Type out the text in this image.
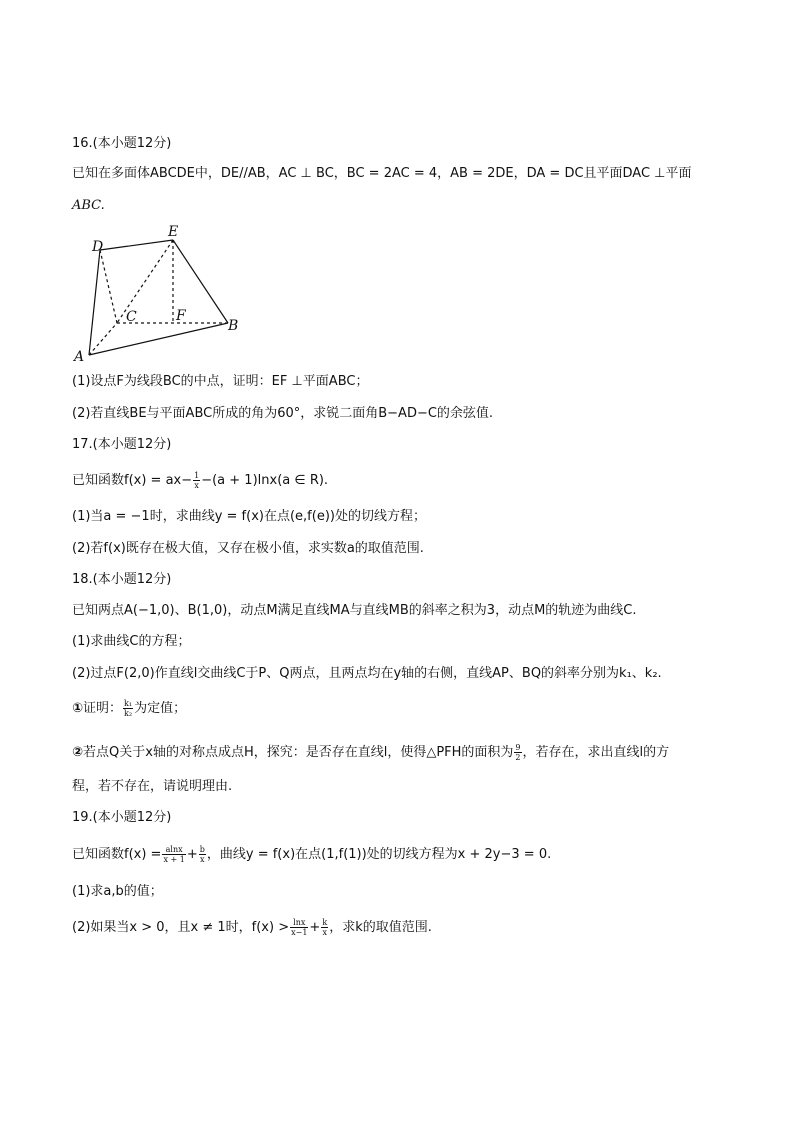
16.(本小题12分)
已知在多面体ABCDE中，DE//AB，AC ⊥ BC，BC = 2AC = 4，AB = 2DE，DA = DC且平面DAC ⊥平面
ABC.
D
E
C	F
B
A
(1)设点F为线段BC的中点，证明：EF ⊥平面ABC；
(2)若直线BE与平面ABC所成的角为60°，求锐二面角B−AD−C的余弦值.
17.(本小题12分)
已知函数$f(x) = ax- \frac{1}{x} -(a + 1)\ln x(a$ ∈ R).
(1)当a = −1时，求曲线y = f(x)在点(e,f(e))处的切线方程；
(2)若f(x)既存在极大值，又存在极小值，求实数a的取值范围.
18.(本小题12分)
已知两点A(−1,0)、B(1,0)，动点M满足直线MA与直线MB的斜率之积为3，动点M的轨迹为曲线C.
(1)求曲线C的方程；
(2)过点F(2,0)作直线l交曲线C于P、Q两点，且两点均在y轴的右侧，直线AP、BQ的斜率分别为k₁、k₂.
①证明： $\frac{\text{k₁}}{\text{k₂}}$ 为定值；
②若点Q关于x轴的对称点成点H，探究：是否存在直线l，使得△PFH的面积为 $\frac{9}{2}$ ，若存在，求出直线l的方
程，若不存在，请说明理由.
19.(本小题12分)
已知函数$f(x) = \frac{alnx}{x + 1} + \frac{b}{x}$ ，曲线y = f(x)在点(1,f(1))处的切线方程为x + 2y−3 = 0.
(1)求a,b的值；
(2)如果当x > 0，且x ≠ 1时，$f(x) > \frac{\ln x}{x-1} + \frac{k}{x}$ ，求k的取值范围.
